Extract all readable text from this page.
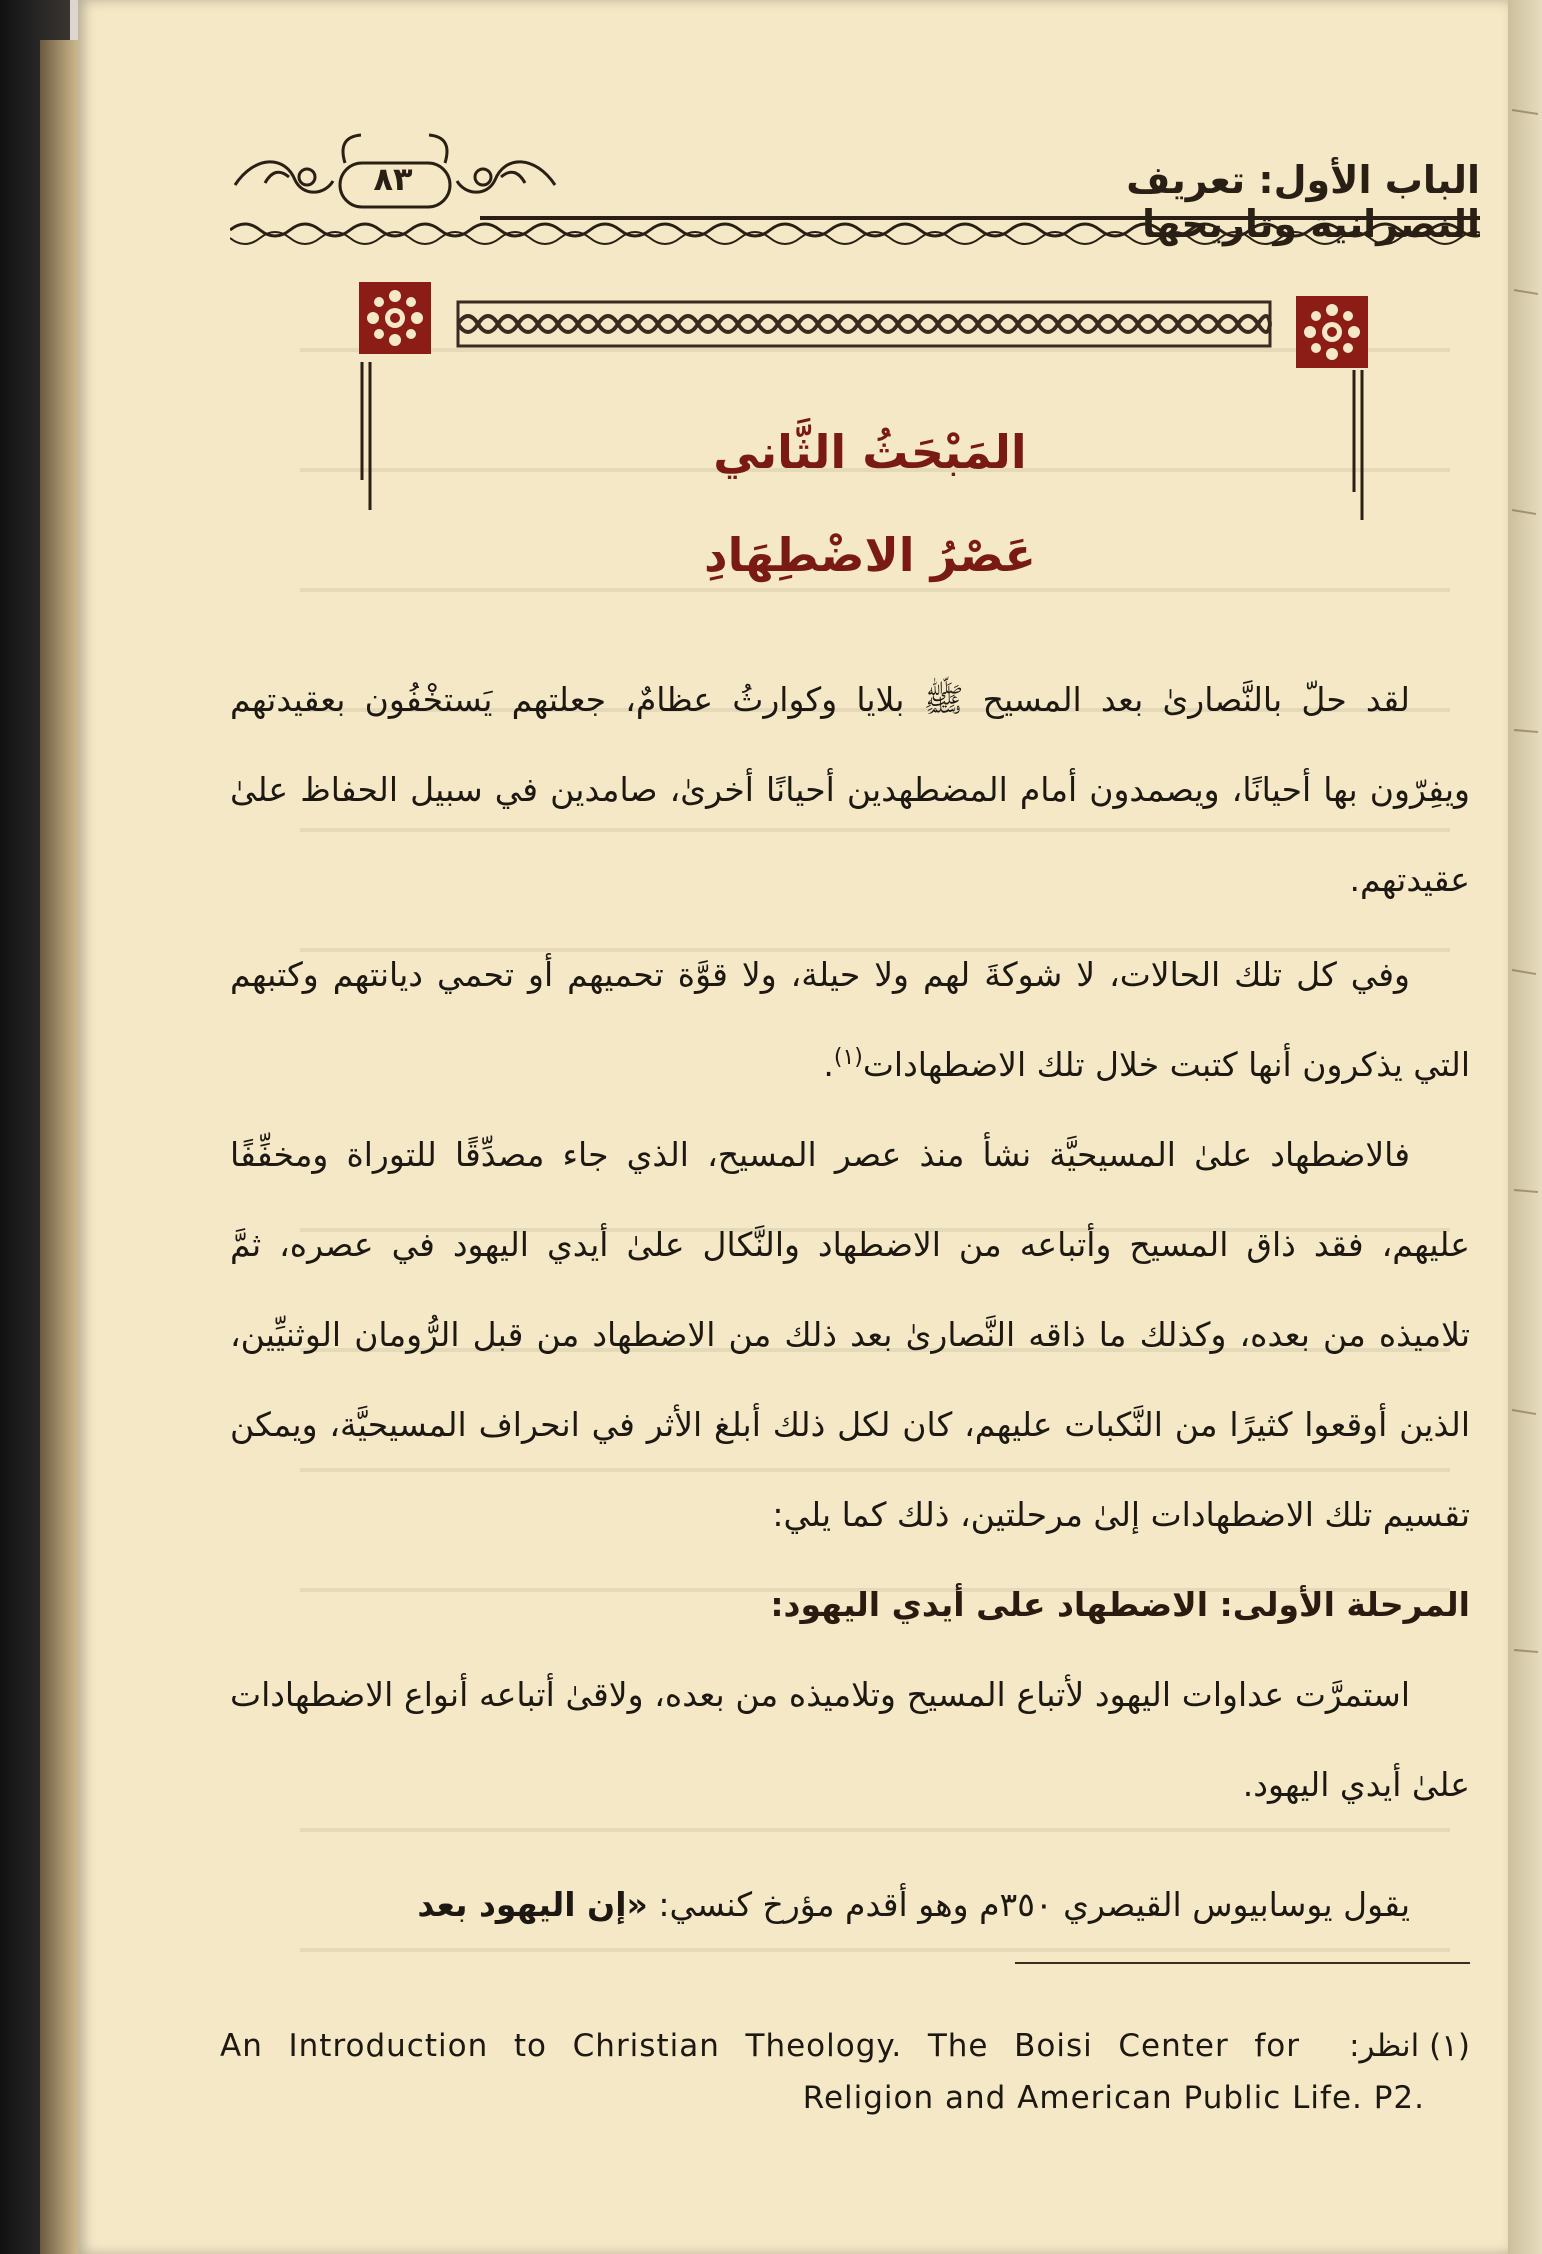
الباب الأول: تعريف النصرانية وتاريخها
٨٣
المَبْحَثُ الثَّاني
عَصْرُ الاضْطِهَادِ
لقد حلّ بالنَّصارىٰ بعد المسيح ﷺ بلايا وكوارثُ عظامٌ، جعلتهم يَستخْفُون بعقيدتهم ويفِرّون بها أحيانًا، ويصمدون أمام المضطهدين أحيانًا أخرىٰ، صامدين في سبيل الحفاظ علىٰ عقيدتهم.
وفي كل تلك الحالات، لا شوكةَ لهم ولا حيلة، ولا قوَّة تحميهم أو تحمي ديانتهم وكتبهم التي يذكرون أنها كتبت خلال تلك الاضطهادات$^{(١)}$.
فالاضطهاد علىٰ المسيحيَّة نشأ منذ عصر المسيح، الذي جاء مصدِّقًا للتوراة ومخفِّفًا عليهم، فقد ذاق المسيح وأتباعه من الاضطهاد والنَّكال علىٰ أيدي اليهود في عصره، ثمَّ تلاميذه من بعده، وكذلك ما ذاقه النَّصارىٰ بعد ذلك من الاضطهاد من قبل الرُّومان الوثنيِّين، الذين أوقعوا كثيرًا من النَّكبات عليهم، كان لكل ذلك أبلغ الأثر في انحراف المسيحيَّة، ويمكن تقسيم تلك الاضطهادات إلىٰ مرحلتين، ذلك كما يلي:
المرحلة الأولى: الاضطهاد على أيدي اليهود:
استمرَّت عداوات اليهود لأتباع المسيح وتلاميذه من بعده، ولاقىٰ أتباعه أنواع الاضطهادات علىٰ أيدي اليهود.
يقول يوسابيوس القيصري ٣٥٠م وهو أقدم مؤرخ كنسي: «إن اليهود بعد
(١) انظر:
An Introduction to Christian Theology. The Boisi Center for
Religion and American Public Life. P2.
